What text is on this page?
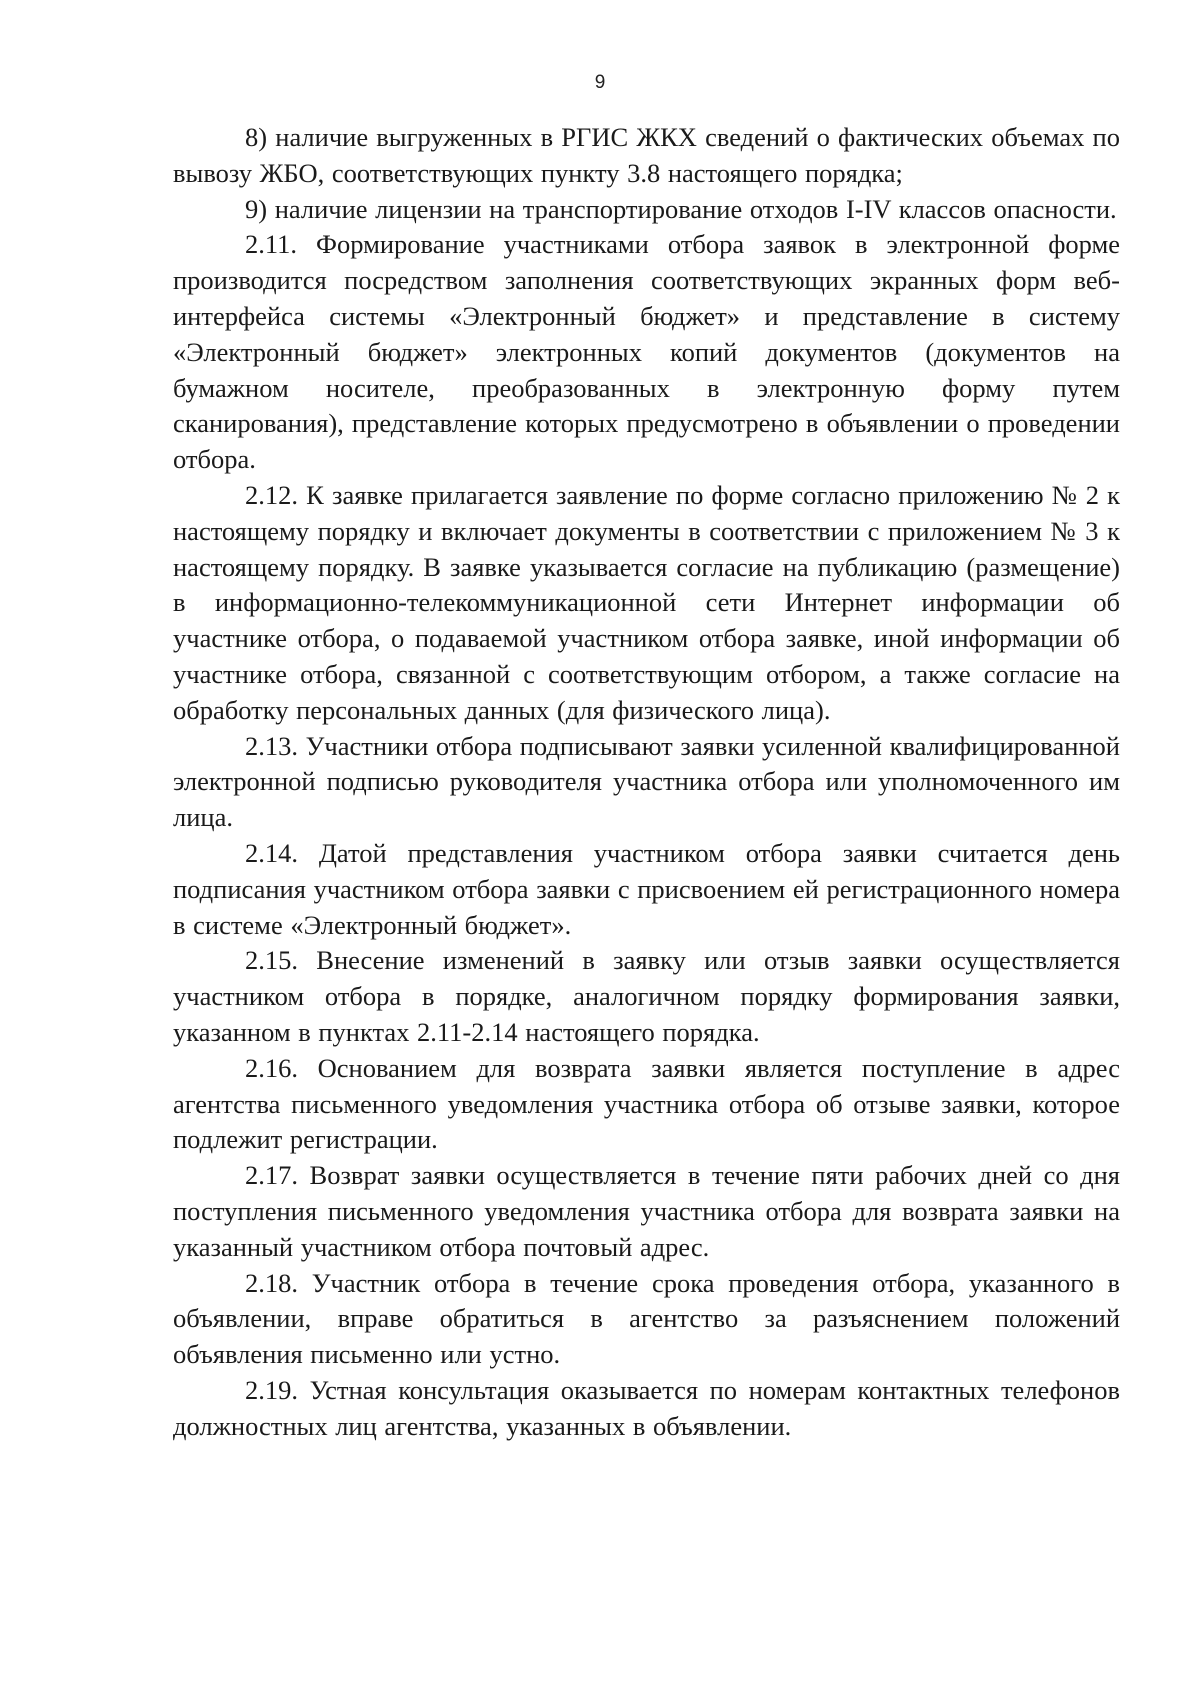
9

8) наличие выгруженных в РГИС ЖКХ сведений о фактических объемах по вывозу ЖБО, соответствующих пункту 3.8 настоящего порядка;

9) наличие лицензии на транспортирование отходов I-IV классов опасности.

2.11. Формирование участниками отбора заявок в электронной форме производится посредством заполнения соответствующих экранных форм веб-интерфейса системы «Электронный бюджет» и представление в систему «Электронный бюджет» электронных копий документов (документов на бумажном носителе, преобразованных в электронную форму путем сканирования), представление которых предусмотрено в объявлении о проведении отбора.

2.12. К заявке прилагается заявление по форме согласно приложению № 2 к настоящему порядку и включает документы в соответствии с приложением № 3 к настоящему порядку. В заявке указывается согласие на публикацию (размещение) в информационно-телекоммуникационной сети Интернет информации об участнике отбора, о подаваемой участником отбора заявке, иной информации об участнике отбора, связанной с соответствующим отбором, а также согласие на обработку персональных данных (для физического лица).

2.13. Участники отбора подписывают заявки усиленной квалифицированной электронной подписью руководителя участника отбора или уполномоченного им лица.

2.14. Датой представления участником отбора заявки считается день подписания участником отбора заявки с присвоением ей регистрационного номера в системе «Электронный бюджет».

2.15. Внесение изменений в заявку или отзыв заявки осуществляется участником отбора в порядке, аналогичном порядку формирования заявки, указанном в пунктах 2.11-2.14 настоящего порядка.

2.16. Основанием для возврата заявки является поступление в адрес агентства письменного уведомления участника отбора об отзыве заявки, которое подлежит регистрации.

2.17. Возврат заявки осуществляется в течение пяти рабочих дней со дня поступления письменного уведомления участника отбора для возврата заявки на указанный участником отбора почтовый адрес.

2.18. Участник отбора в течение срока проведения отбора, указанного в объявлении, вправе обратиться в агентство за разъяснением положений объявления письменно или устно.

2.19. Устная консультация оказывается по номерам контактных телефонов должностных лиц агентства, указанных в объявлении.
